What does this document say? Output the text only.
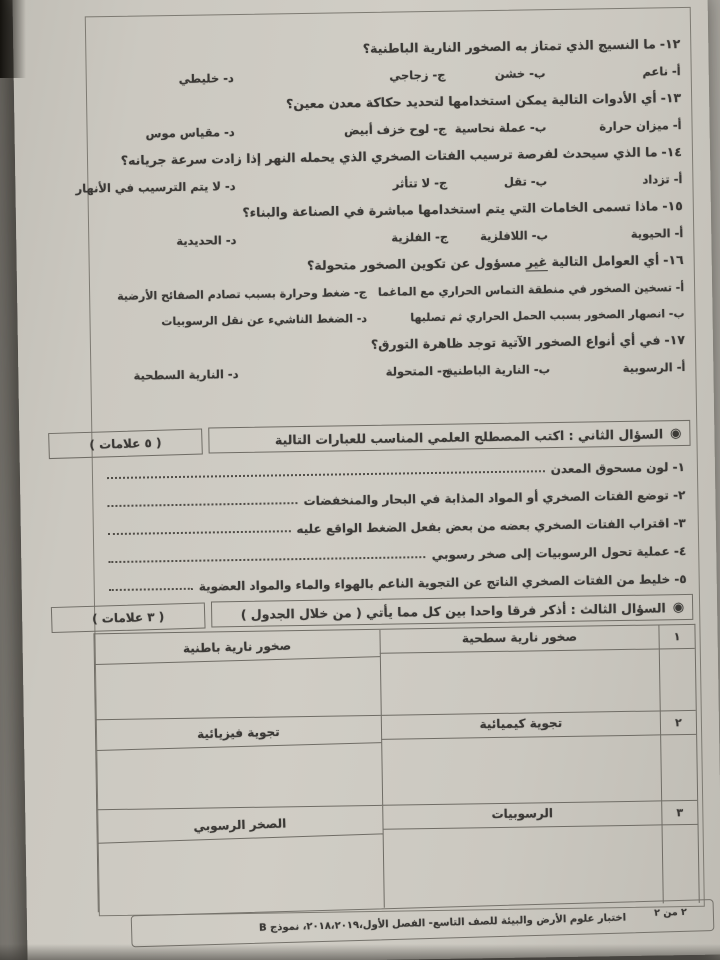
١٢-ما النسيج الذي تمتاز به الصخور النارية الباطنية؟
أ- ناعم
ب- خشن
ج- زجاجي
د- خليطي
١٣-أي الأدوات التالية يمكن استخدامها لتحديد حكاكة معدن معين؟
أ- ميزان حرارة
ب- عملة نحاسية
ج- لوح خزف أبيض
د- مقياس موس
١٤-ما الذي سيحدث لفرصة ترسيب الفتات الصخري الذي يحمله النهر إذا زادت سرعة جريانه؟
أ- تزداد
ب- تقل
ج- لا تتأثر
د- لا يتم الترسيب في الأنهار
١٥-ماذا تسمى الخامات التي يتم استخدامها مباشرة في الصناعة والبناء؟
أ- الحيوية
ب- اللافلزية
ج- الفلزية
د- الحديدية
١٦-أي العوامل التالية غير مسؤول عن تكوين الصخور متحولة؟
أ- تسخين الصخور في منطقة التماس الحراري مع الماغما
ج- ضغط وحرارة بسبب تصادم الصفائح الأرضية
ب- انصهار الصخور بسبب الحمل الحراري ثم تصلبها
د- الضغط الناشيء عن نقل الرسوبيات
١٧-في أي أنواع الصخور الآتية توجد ظاهرة التورق؟
أ- الرسوبية
ب- النارية الباطنية
ج- المتحولة
د- النارية السطحية
◉
السؤال الثاني : اكتب المصطلح العلمي المناسب للعبارات التالية
( ٥ علامات )
١- لون مسحوق المعدن
٢- توضع الفتات الصخري أو المواد المذابة في البحار والمنخفضات
٣- اقتراب الفتات الصخري بعضه من بعض بفعل الضغط الواقع عليه
٤- عملية تحول الرسوبيات إلى صخر رسوبي
٥- خليط من الفتات الصخري الناتج عن التجوية الناعم بالهواء والماء والمواد العضوية
◉
السؤال الثالث : أذكر فرقا واحدا بين كل مما يأتي ( من خلال الجدول )
( ٣ علامات )
١
صخور نارية سطحية
صخور نارية باطنية
٢
تجوية كيميائية
تجوية فيزيائية
٣
الرسوبيات
الصخر الرسوبي
٢ من ٢
اختبار علوم الأرض والبيئة للصف التاسع- الفصل الأول،٢٠١٨،٢٠١٩، نموذج B
